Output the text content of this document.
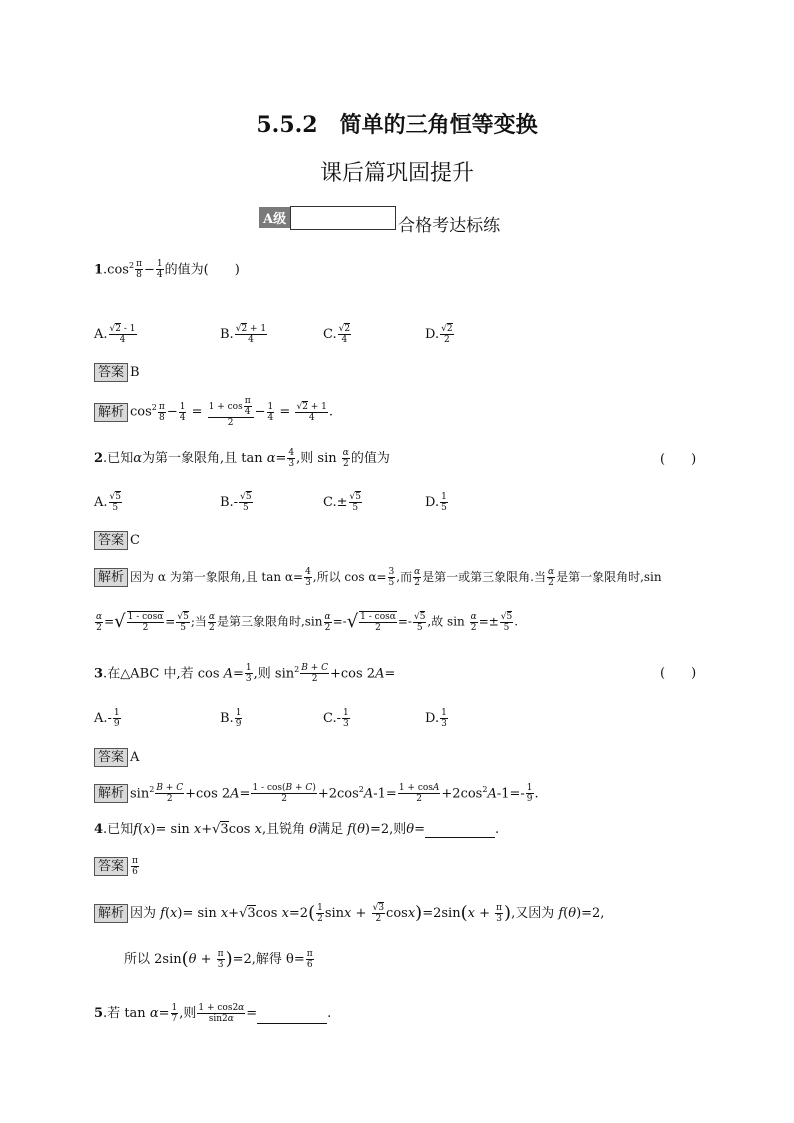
5.5.2　简单的三角恒等变换
课后篇巩固提升
A级	合格考达标练
$1.\cos^2 \frac{\pi}{8} - \frac{1}{4}$ 的值为(　　)
A. $\frac{√2 - 1}{4}$	B. $\frac{√2 + 1}{4}$	C. $\frac{√2}{4}$	D. $\frac{√2}{2}$
答案 B
解析 $\cos^2 \frac{\pi}{8} - \frac{1}{4} = \frac{1 + \cos \frac{\pi}{4}}{2} - \frac{1}{4} = \frac{√2 + 1}{4}$ .
2.已知α为第一象限角,且 $\tan \alpha= \frac{4}{3}$ ,则 $\sin \frac{\alpha}{2}$ 的值为	(　　)
A. $\frac{√5}{5}$	$B.- \frac{√5}{5}$	$C.\pm \frac{√5}{5}$	D. $\frac{1}{5}$
答案 C
解析 因为 α 为第一象限角,且 $\tan \alpha= \frac{4}{3}$ ,所以 $\cos \alpha= \frac{3}{5}$ ,而 $\frac{\alpha}{2}$ 是第一或第三象限角.当 $\frac{\alpha}{2}$ 是第一象限角时,sin
$\frac{\alpha}{2}$ =√ $\frac{1 - \cos\alpha}{2} = \frac{√5}{5}$ ;当 $\frac{\alpha}{2}$ 是第三象限角时$,\sin \frac{\alpha}{2}$ =-√ $\frac{1 - \cos\alpha}{2} =- \frac{√5}{5}$ ,故 $\sin \frac{\alpha}{2} =\pm \frac{√5}{5}$ .
3.在△ABC 中,若 $\cos A= \frac{1}{3}$ ,则 $\sin^2 \frac{B + C}{2} +\cos$ 2A=	(　　)
$A.- \frac{1}{9}$	B. $\frac{1}{9}$	$C.- \frac{1}{3}$	D. $\frac{1}{3}$
答案 A
解析 $\sin^2 \frac{B + C}{2} +\cos$ $2A= \frac{1 - \cos(B + C)}{2} +2\cos^2A-1= \frac{1 + \cos A}{2} +2\cos^2A-1=- \frac{1}{9}$ .
4.已知f(x)= sin x+√3cos x,且锐角 θ满足 f(θ)=2,则θ=	.
答案 $\frac{\pi}{6}$
解析 因为 f(x)= sin x+√3cos $x=2( \frac{1}{2}$ $\sin x + \frac{√3}{2} \cos x)=2\sin(x + \frac{\pi}{3}$ ),又因为 f(θ)=2,
所以 $2\sin(\theta + \frac{\pi}{3} )=2$,解得 $\theta= \frac{\pi}{6}$
5.若 $\tan \alpha= \frac{1}{7}$ ,则 $\frac{1 + \cos 2\alpha}{\sin 2\alpha}$ =	.
